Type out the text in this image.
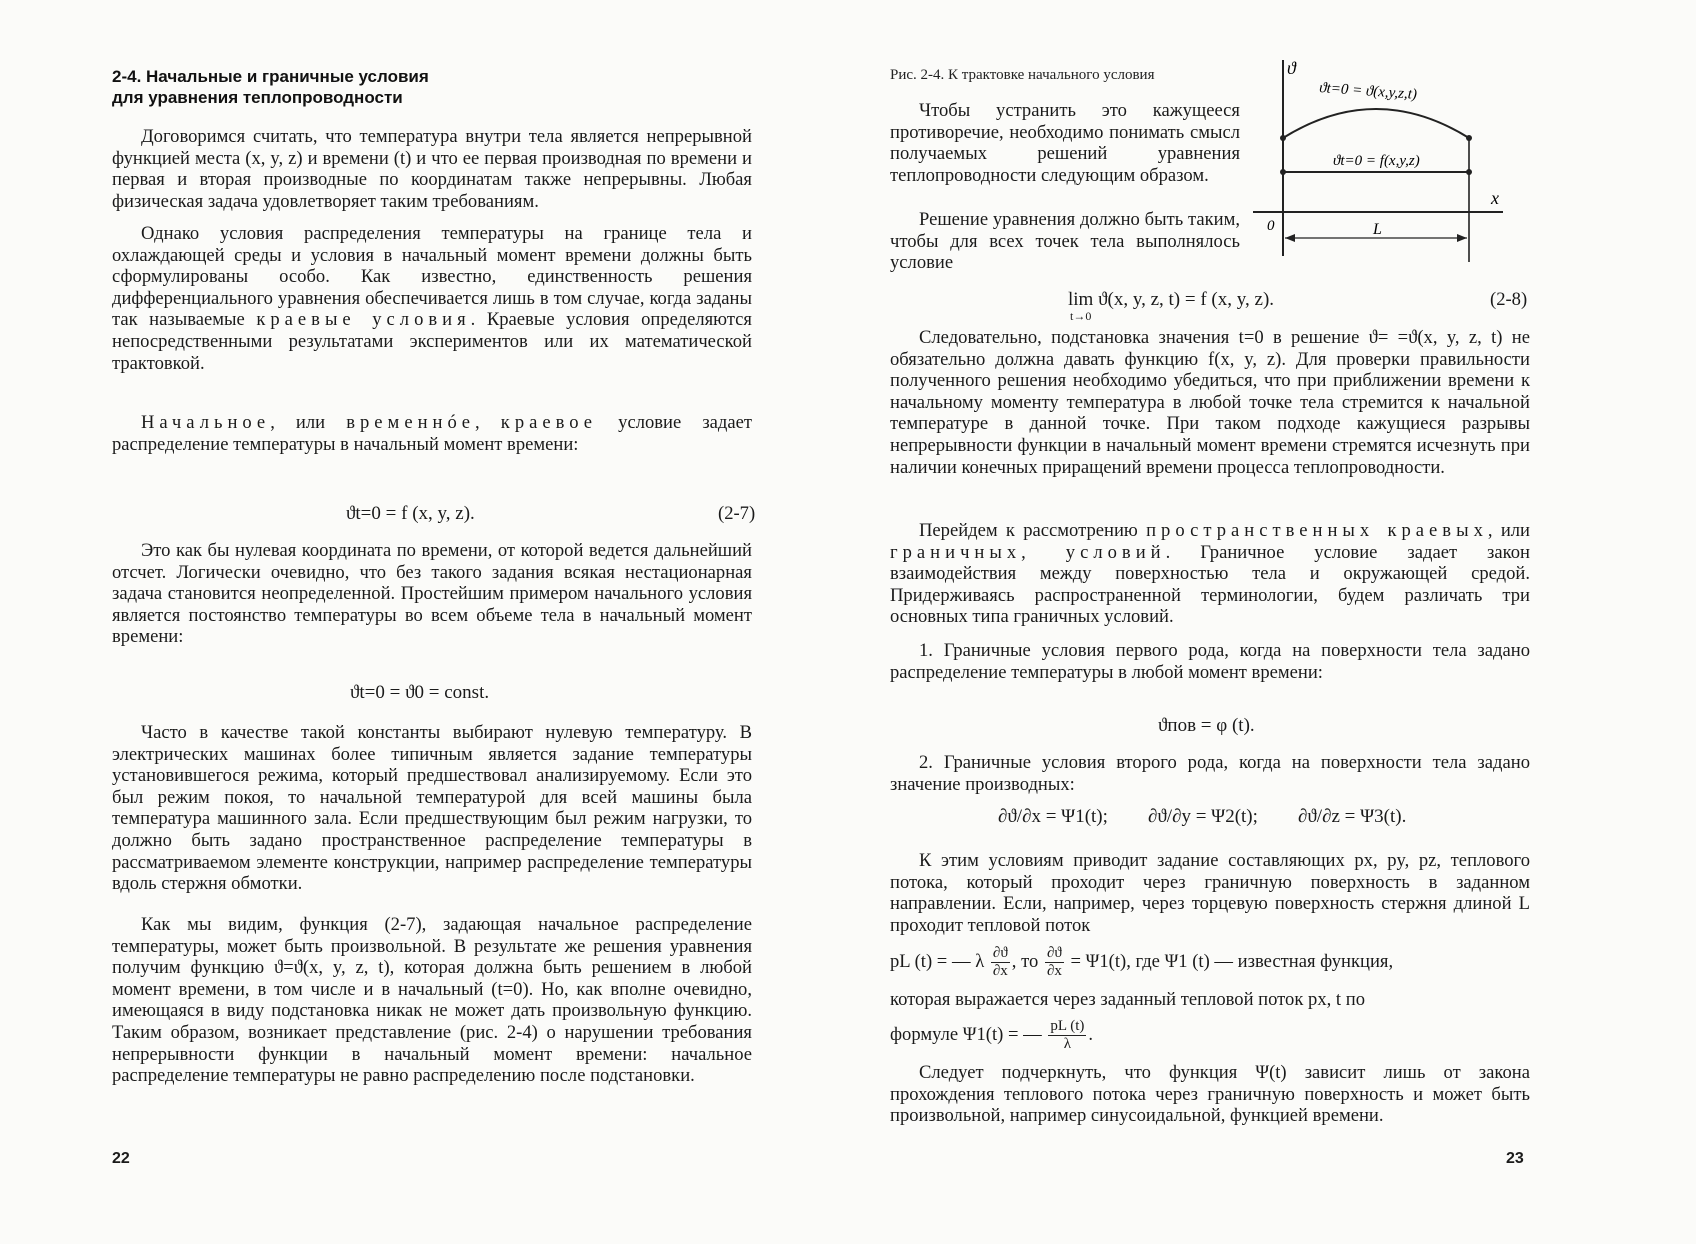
2-4. Начальные и граничные условия
для уравнения теплопроводности

Договоримся считать, что температура внутри тела является непрерывной функцией места (x, y, z) и времени (t) и что ее первая производная по времени и первая и вторая производные по координатам также непрерывны. Любая физическая задача удовлетворяет таким требованиям.

Однако условия распределения температуры на границе тела и охлаждающей среды и условия в начальный момент времени должны быть сформулированы особо. Как известно, единственность решения дифференциального уравнения обеспечивается лишь в том случае, когда заданы так называемые краевые условия. Краевые условия определяются непосредственными результатами экспериментов или их математической трактовкой.

Начальное, или временнóе, краевое условие задает распределение температуры в начальный момент времени:

ϑt=0 = f (x, y, z).	(2-7)

Это как бы нулевая координата по времени, от которой ведется дальнейший отсчет. Логически очевидно, что без такого задания всякая нестационарная задача становится неопределенной. Простейшим примером начального условия является постоянство температуры во всем объеме тела в начальный момент времени:

ϑt=0 = ϑ0 = const.

Часто в качестве такой константы выбирают нулевую температуру. В электрических машинах более типичным является задание температуры установившегося режима, который предшествовал анализируемому. Если это был режим покоя, то начальной температурой для всей машины была температура машинного зала. Если предшествующим был режим нагрузки, то должно быть задано пространственное распределение температуры в рассматриваемом элементе конструкции, например распределение температуры вдоль стержня обмотки.

Как мы видим, функция (2-7), задающая начальное распределение температуры, может быть произвольной. В результате же решения уравнения получим функцию ϑ=ϑ(x, y, z, t), которая должна быть решением в любой момент времени, в том числе и в начальный (t=0). Но, как вполне очевидно, имеющаяся в виду подстановка никак не может дать произвольную функцию. Таким образом, возникает представление (рис. 2-4) о нарушении требования непрерывности функции в начальный момент времени: начальное распределение температуры не равно распределению после подстановки.

22
Рис. 2-4. К трактовке начального условия	ϑ
x
0	L
ϑt=0 = ϑ(x,y,z,t)
ϑt=0 = f(x,y,z)

Чтобы устранить это кажущееся противоречие, необходимо понимать смысл получаемых решений уравнения теплопроводности следующим образом.

Решение уравнения должно быть таким, чтобы для всех точек тела выполнялось условие

lim ϑ(x, y, z, t) = f (x, y, z).
t→0
(2-8)

Следовательно, подстановка значения t=0 в решение ϑ= =ϑ(x, y, z, t) не обязательно должна давать функцию f(x, y, z). Для проверки правильности полученного решения необходимо убедиться, что при приближении времени к начальному моменту температура в любой точке тела стремится к начальной температуре в данной точке. При таком подходе кажущиеся разрывы непрерывности функции в начальный момент времени стремятся исчезнуть при наличии конечных приращений времени процесса теплопроводности.

Перейдем к рассмотрению пространственных краевых, или граничных, условий. Граничное условие задает закон взаимодействия между поверхностью тела и окружающей средой. Придерживаясь распространенной терминологии, будем различать три основных типа граничных условий.

1. Граничные условия первого рода, когда на поверхности тела задано распределение температуры в любой момент времени:

ϑпов = φ (t).

2. Граничные условия второго рода, когда на поверхности тела задано значение производных:

∂ϑ/∂x = Ψ1(t); ∂ϑ/∂y = Ψ2(t); ∂ϑ/∂z = Ψ3(t).

К этим условиям приводит задание составляющих px, py, pz, теплового потока, который проходит через граничную поверхность в заданном направлении. Если, например, через торцевую поверхность стержня длиной L проходит тепловой поток

pL (t) = — λ $\frac{\partial ϑ}{\partial x}$ , то $\frac{\partial ϑ}{\partial x} = \Psi 1(t)$, где Ψ1 (t) — известная функция,
которая выражается через заданный тепловой поток px, t по
формуле Ψ1(t) = — $\frac{pL (t)}{\lambda}$ .

Следует подчеркнуть, что функция Ψ(t) зависит лишь от закона прохождения теплового потока через граничную поверхность и может быть произвольной, например синусоидальной, функцией времени.

23
